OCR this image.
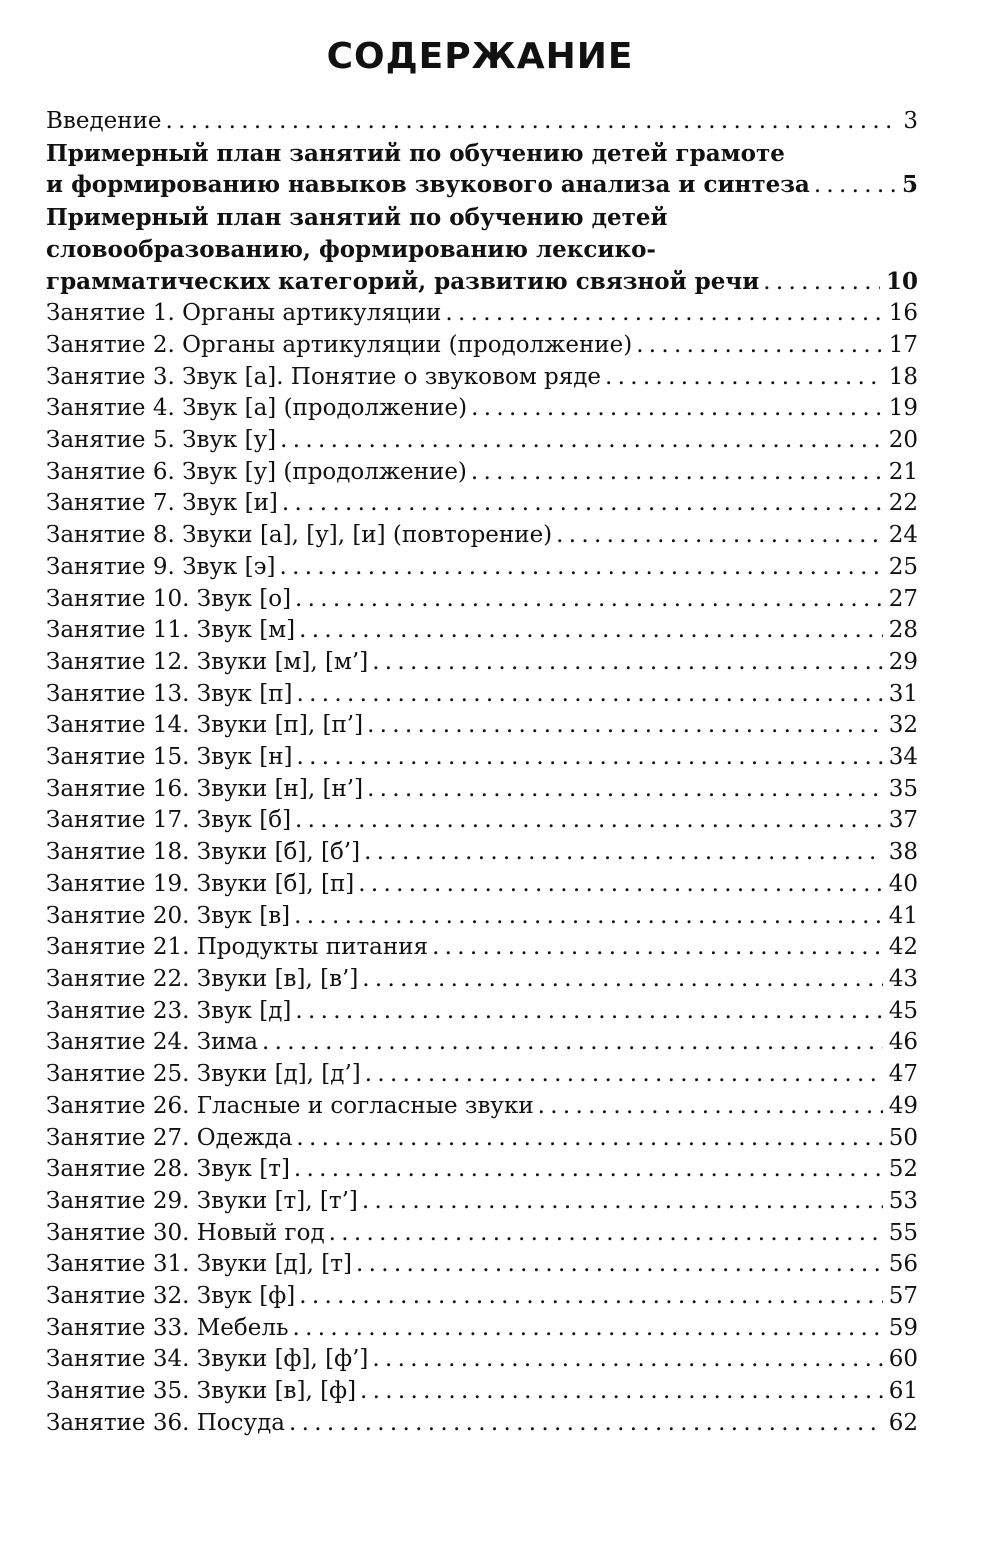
СОДЕРЖАНИЕ
Введение . . .	3
Примерный план занятий по обучению детей грамоте
и формированию навыков звукового анализа и синтеза . . .	5
Примерный план занятий по обучению детей
словообразованию, формированию лексико-
грамматических категорий, развитию связной речи . . .	10
Занятие 1. Органы артикуляции . . .	16
Занятие 2. Органы артикуляции (продолжение) . . .	17
Занятие 3. Звук [а]. Понятие о звуковом ряде . . .	18
Занятие 4. Звук [а] (продолжение) . . .	19
Занятие 5. Звук [у] . . .	20
Занятие 6. Звук [у] (продолжение) . . .	21
Занятие 7. Звук [и] . . .	22
Занятие 8. Звуки [а], [у], [и] (повторение) . . .	24
Занятие 9. Звук [э] . . .	25
Занятие 10. Звук [о] . . .	27
Занятие 11. Звук [м] . . .	28
Занятие 12. Звуки [м], [м’] . . .	29
Занятие 13. Звук [п] . . .	31
Занятие 14. Звуки [п], [п’] . . .	32
Занятие 15. Звук [н] . . .	34
Занятие 16. Звуки [н], [н’] . . .	35
Занятие 17. Звук [б] . . .	37
Занятие 18. Звуки [б], [б’] . . .	38
Занятие 19. Звуки [б], [п] . . .	40
Занятие 20. Звук [в] . . .	41
Занятие 21. Продукты питания . . .	42
Занятие 22. Звуки [в], [в’] . . .	43
Занятие 23. Звук [д] . . .	45
Занятие 24. Зима . . .	46
Занятие 25. Звуки [д], [д’] . . .	47
Занятие 26. Гласные и согласные звуки . . .	49
Занятие 27. Одежда . . .	50
Занятие 28. Звук [т] . . .	52
Занятие 29. Звуки [т], [т’] . . .	53
Занятие 30. Новый год . . .	55
Занятие 31. Звуки [д], [т] . . .	56
Занятие 32. Звук [ф] . . .	57
Занятие 33. Мебель . . .	59
Занятие 34. Звуки [ф], [ф’] . . .	60
Занятие 35. Звуки [в], [ф] . . .	61
Занятие 36. Посуда . . .	62
